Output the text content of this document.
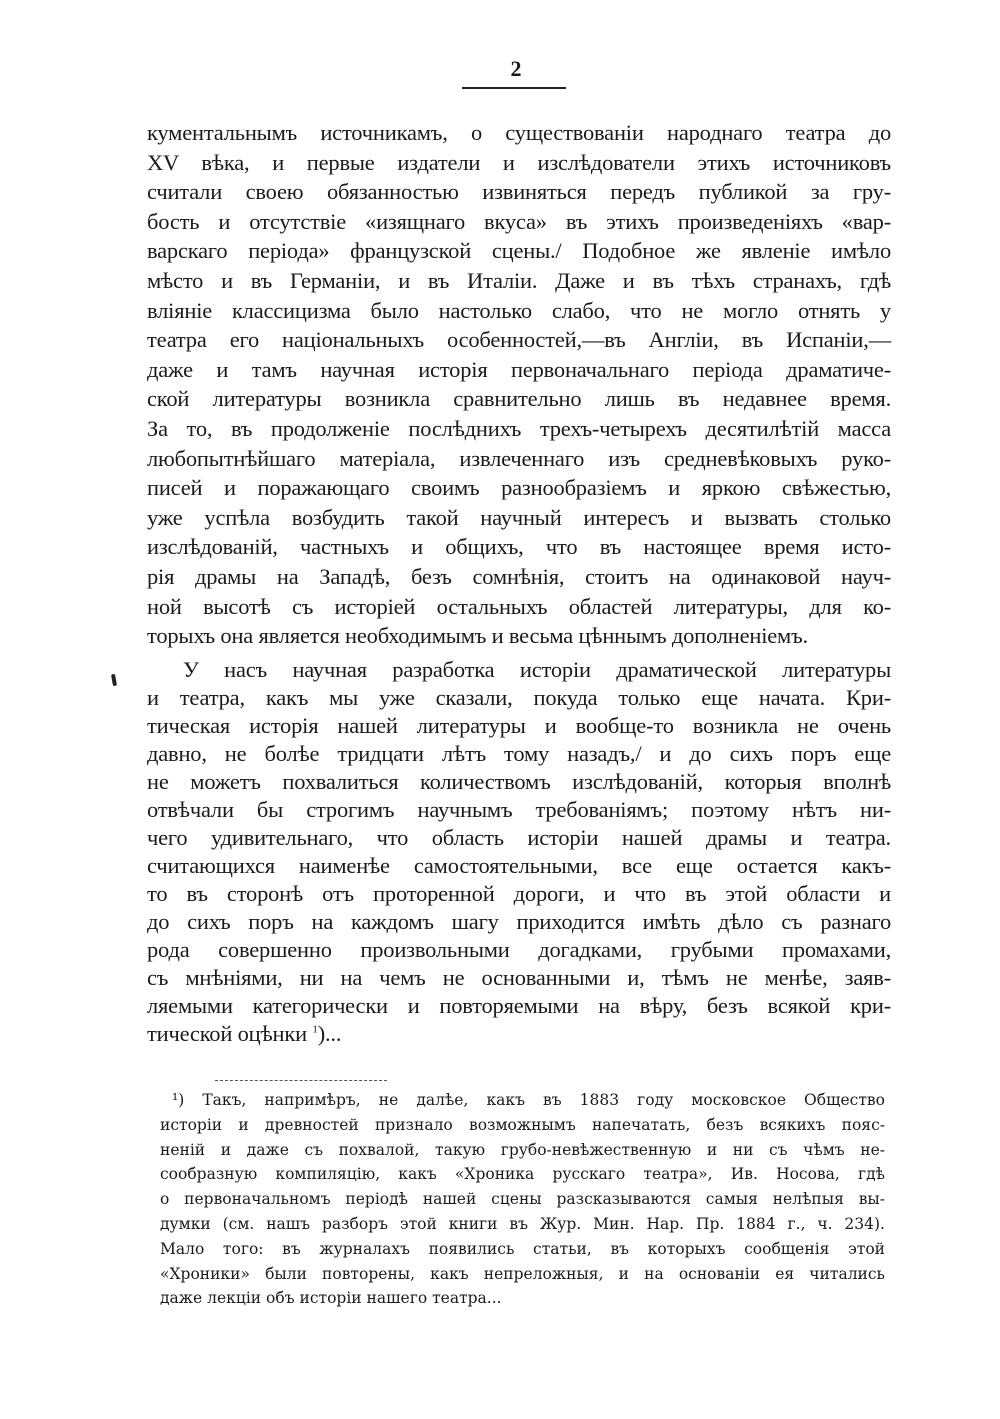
2
кументальнымъ источникамъ, о существованіи народнаго театра до
XV вѣка, и первые издатели и изслѣдователи этихъ источниковъ
считали своею обязанностью извиняться передъ публикой за гру-
бость и отсутствіе «изящнаго вкуса» въ этихъ произведеніяхъ «вар-
варскаго періода» французской сцены./ Подобное же явленіе имѣло
мѣсто и въ Германіи, и въ Италіи. Даже и въ тѣхъ странахъ, гдѣ
вліяніе классицизма было настолько слабо, что не могло отнять у
театра его національныхъ особенностей,—въ Англіи, въ Испаніи,—
даже и тамъ научная исторія первоначальнаго періода драматиче-
ской литературы возникла сравнительно лишь въ недавнее время.
За то, въ продолженіе послѣднихъ трехъ-четырехъ десятилѣтій масса
любопытнѣйшаго матеріала, извлеченнаго изъ средневѣковыхъ руко-
писей и поражающаго своимъ разнообразіемъ и яркою свѣжестью,
уже успѣла возбудить такой научный интересъ и вызвать столько
изслѣдованій, частныхъ и общихъ, что въ настоящее время исто-
рія драмы на Западѣ, безъ сомнѣнія, стоитъ на одинаковой науч-
ной высотѣ съ исторіей остальныхъ областей литературы, для ко-
торыхъ она является необходимымъ и весьма цѣннымъ дополненіемъ.
У насъ научная разработка исторіи драматической литературы
и театра, какъ мы уже сказали, покуда только еще начата. Кри-
тическая исторія нашей литературы и вообще-то возникла не очень
давно, не болѣе тридцати лѣтъ тому назадъ,/ и до сихъ поръ еще
не можетъ похвалиться количествомъ изслѣдованій, которыя вполнѣ
отвѣчали бы строгимъ научнымъ требованіямъ; поэтому нѣтъ ни-
чего удивительнаго, что область исторіи нашей драмы и театра.
считающихся наименѣе самостоятельными, все еще остается какъ-
то въ сторонѣ отъ проторенной дороги, и что въ этой области и
до сихъ поръ на каждомъ шагу приходится имѣть дѣло съ разнаго
рода совершенно произвольными догадками, грубыми промахами,
съ мнѣніями, ни на чемъ не основанными и, тѣмъ не менѣе, заяв-
ляемыми категорически и повторяемыми на вѣру, безъ всякой кри-
тической оцѣнки $^1$)...
¹) Такъ, напримѣръ, не далѣе, какъ въ 1883 году московское Общество
исторіи и древностей признало возможнымъ напечатать, безъ всякихъ пояс-
неній и даже съ похвалой, такую грубо-невѣжественную и ни съ чѣмъ не-
сообразную компиляцію, какъ «Хроника русскаго театра», Ив. Носова, гдѣ
о первоначальномъ періодѣ нашей сцены разсказываются самыя нелѣпыя вы-
думки (см. нашъ разборъ этой книги въ Жур. Мин. Нар. Пр. 1884 г., ч. 234).
Мало того: въ журналахъ появились статьи, въ которыхъ сообщенія этой
«Хроники» были повторены, какъ непреложныя, и на основаніи ея читались
даже лекціи объ исторіи нашего театра...
